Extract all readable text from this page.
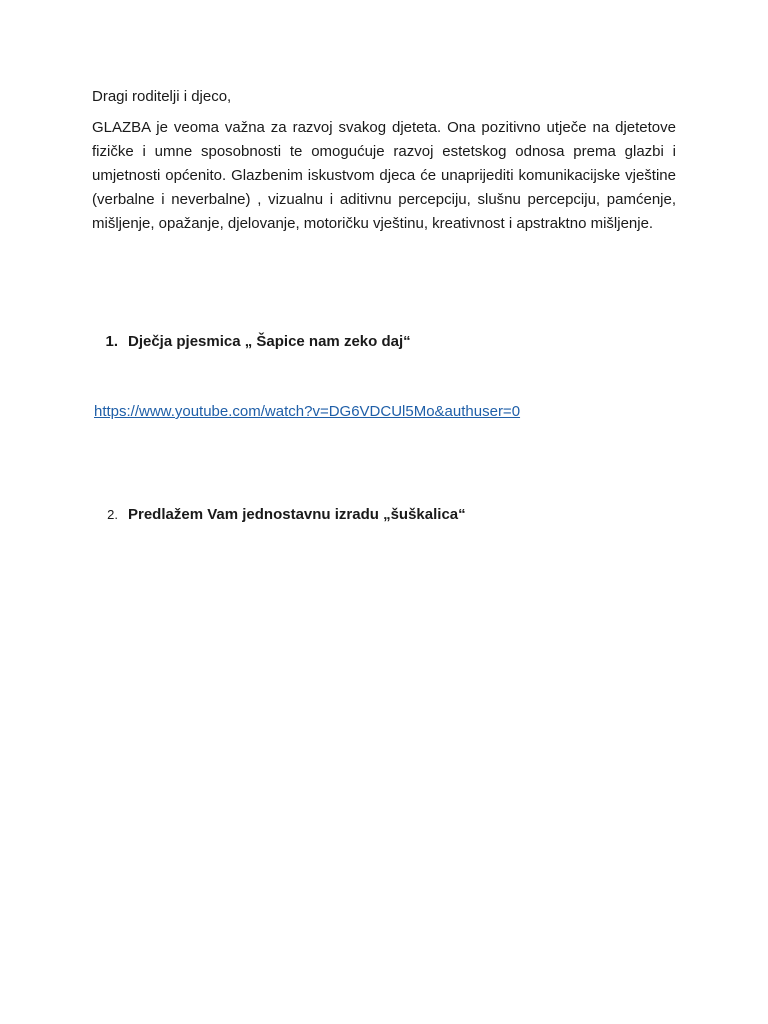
Dragi roditelji i djeco,

GLAZBA je veoma važna za razvoj svakog djeteta. Ona pozitivno utječe na djetetove fizičke i umne sposobnosti te omogućuje razvoj estetskog odnosa prema glazbi i umjetnosti općenito. Glazbenim iskustvom djeca će unaprijediti komunikacijske vještine (verbalne i neverbalne) , vizualnu i aditivnu percepciju, slušnu percepciju, pamćenje, mišljenje, opažanje, djelovanje, motoričku vještinu, kreativnost i apstraktno mišljenje.

1. Dječja pjesmica „ Šapice nam zeko daj“
https://www.youtube.com/watch?v=DG6VDCUl5Mo&authuser=0
2. Predlažem Vam jednostavnu izradu „šuškalica“
